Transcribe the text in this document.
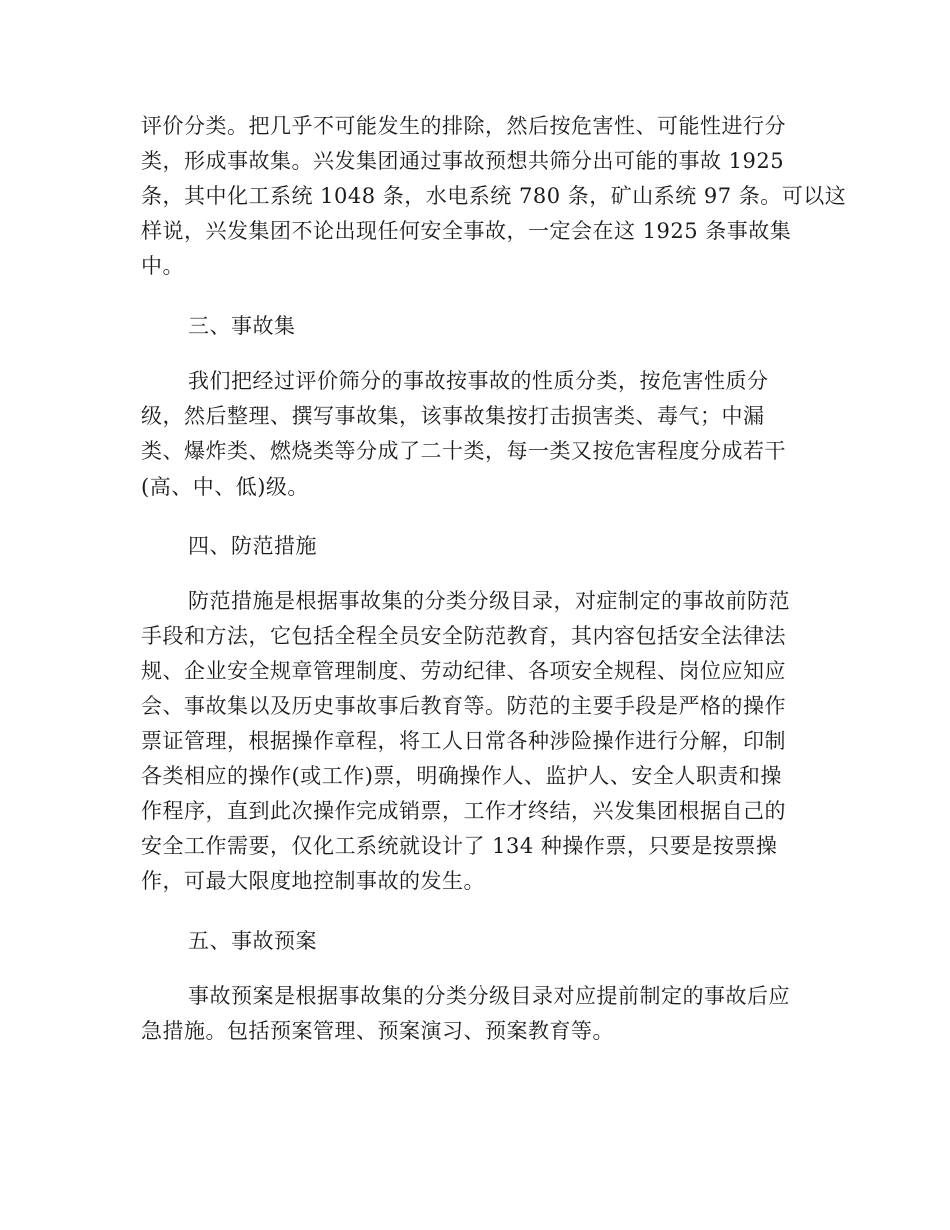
评价分类。把几乎不可能发生的排除，然后按危害性、可能性进行分
类，形成事故集。兴发集团通过事故预想共筛分出可能的事故 1925
条，其中化工系统 1048 条，水电系统 780 条，矿山系统 97 条。可以这
样说，兴发集团不论出现任何安全事故，一定会在这 1925 条事故集
中。
三、事故集
我们把经过评价筛分的事故按事故的性质分类，按危害性质分
级，然后整理、撰写事故集，该事故集按打击损害类、毒气；中漏
类、爆炸类、燃烧类等分成了二十类，每一类又按危害程度分成若干
(高、中、低)级。
四、防范措施
防范措施是根据事故集的分类分级目录，对症制定的事故前防范
手段和方法，它包括全程全员安全防范教育，其内容包括安全法律法
规、企业安全规章管理制度、劳动纪律、各项安全规程、岗位应知应
会、事故集以及历史事故事后教育等。防范的主要手段是严格的操作
票证管理，根据操作章程，将工人日常各种涉险操作进行分解，印制
各类相应的操作(或工作)票，明确操作人、监护人、安全人职责和操
作程序，直到此次操作完成销票，工作才终结，兴发集团根据自己的
安全工作需要，仅化工系统就设计了 134 种操作票，只要是按票操
作，可最大限度地控制事故的发生。
五、事故预案
事故预案是根据事故集的分类分级目录对应提前制定的事故后应
急措施。包括预案管理、预案演习、预案教育等。
